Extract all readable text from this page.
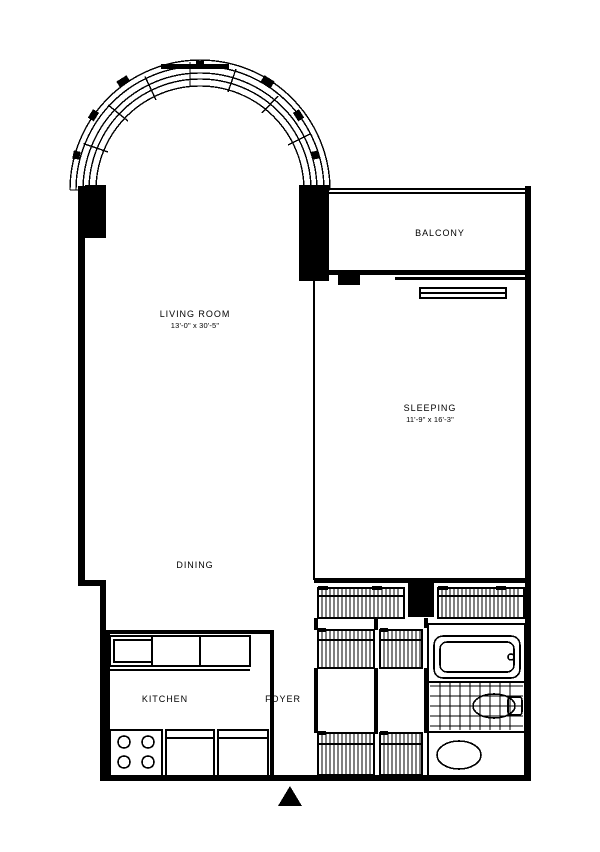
LIVING ROOM
13'-0" x 30'-5"
SLEEPING
11'-9" x 16'-3"
BALCONY
DINING
KITCHEN	FOYER
